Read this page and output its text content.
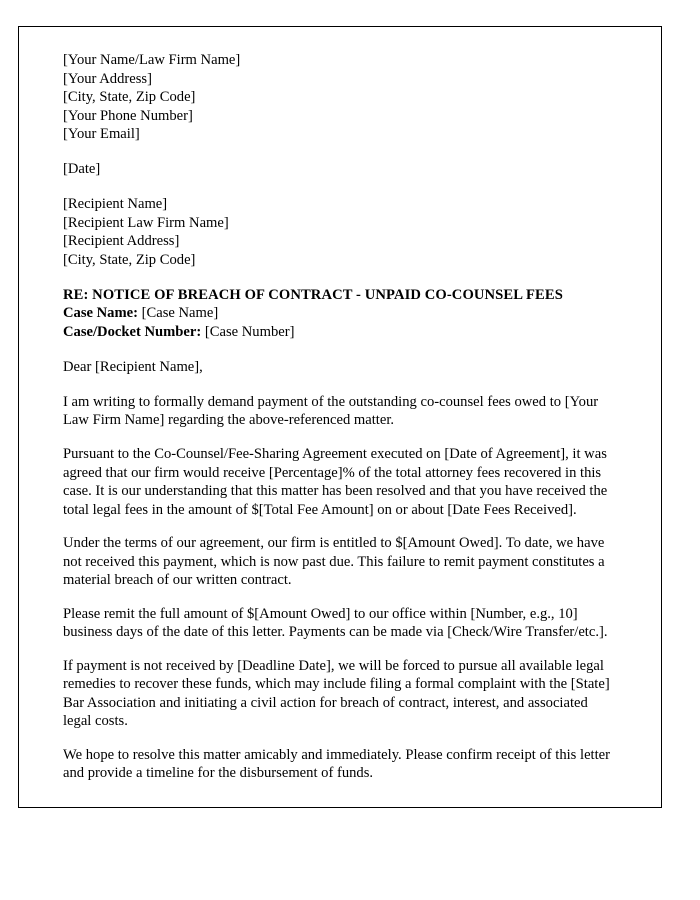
[Your Name/Law Firm Name]
[Your Address]
[City, State, Zip Code]
[Your Phone Number]
[Your Email]
[Date]
[Recipient Name]
[Recipient Law Firm Name]
[Recipient Address]
[City, State, Zip Code]
RE: NOTICE OF BREACH OF CONTRACT - UNPAID CO-COUNSEL FEES
Case Name: [Case Name]
Case/Docket Number: [Case Number]
Dear [Recipient Name],

I am writing to formally demand payment of the outstanding co-counsel fees owed to [Your Law Firm Name] regarding the above-referenced matter.

Pursuant to the Co-Counsel/Fee-Sharing Agreement executed on [Date of Agreement], it was agreed that our firm would receive [Percentage]% of the total attorney fees recovered in this case. It is our understanding that this matter has been resolved and that you have received the total legal fees in the amount of $[Total Fee Amount] on or about [Date Fees Received].

Under the terms of our agreement, our firm is entitled to $[Amount Owed]. To date, we have not received this payment, which is now past due. This failure to remit payment constitutes a material breach of our written contract.

Please remit the full amount of $[Amount Owed] to our office within [Number, e.g., 10] business days of the date of this letter. Payments can be made via [Check/Wire Transfer/etc.].

If payment is not received by [Deadline Date], we will be forced to pursue all available legal remedies to recover these funds, which may include filing a formal complaint with the [State] Bar Association and initiating a civil action for breach of contract, interest, and associated legal costs.

We hope to resolve this matter amicably and immediately. Please confirm receipt of this letter and provide a timeline for the disbursement of funds.
